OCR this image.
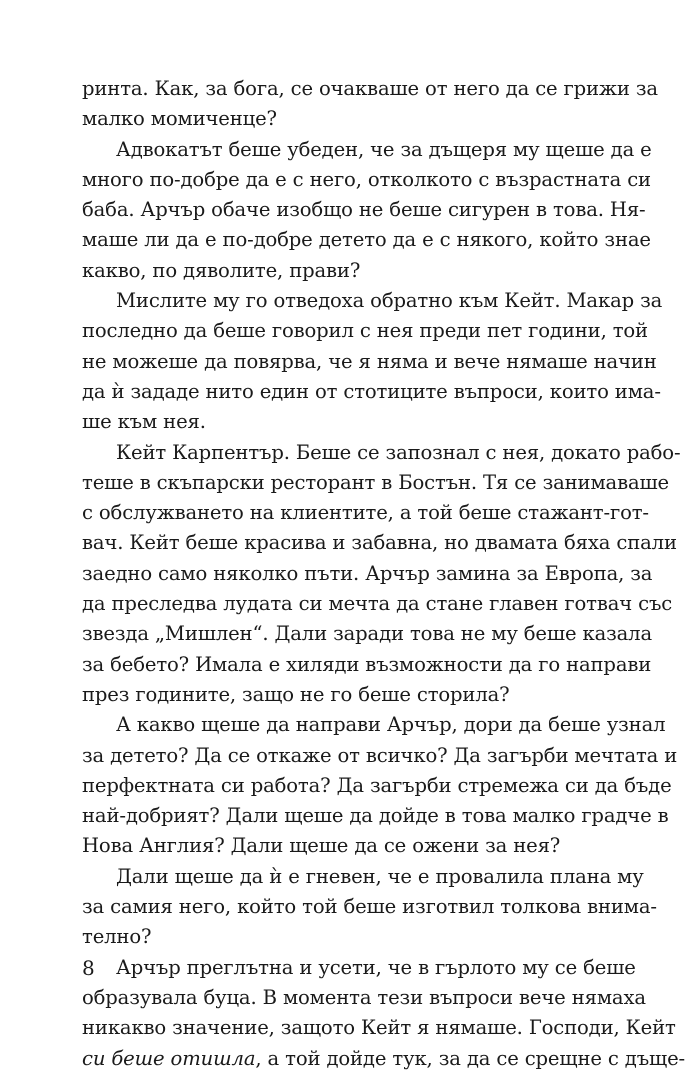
ринта. Как, за бога, се очакваше от него да се грижи за
малко момиченце?
Адвокатът беше убеден, че за дъщеря му щеше да е
много по-добре да е с него, отколкото с възрастната си
баба. Арчър обаче изобщо не беше сигурен в това. Ня-
маше ли да е по-добре детето да е с някого, който знае
какво, по дяволите, прави?
Мислите му го отведоха обратно към Кейт. Макар за
последно да беше говорил с нея преди пет години, той
не можеше да повярва, че я няма и вече нямаше начин
да ѝ зададе нито един от стотиците въпроси, които има-
ше към нея.
Кейт Карпентър. Беше се запознал с нея, докато рабо-
теше в скъпарски ресторант в Бостън. Тя се занимаваше
с обслужването на клиентите, а той беше стажант-гот-
вач. Кейт беше красива и забавна, но двамата бяха спали
заедно само няколко пъти. Арчър замина за Европа, за
да преследва лудата си мечта да стане главен готвач със
звезда „Мишлен“. Дали заради това не му беше казала
за бебето? Имала е хиляди възможности да го направи
през годините, защо не го беше сторила?
А какво щеше да направи Арчър, дори да беше узнал
за детето? Да се откаже от всичко? Да загърби мечтата и
перфектната си работа? Да загърби стремежа си да бъде
най-добрият? Дали щеше да дойде в това малко градче в
Нова Англия? Дали щеше да се ожени за нея?
Дали щеше да ѝ е гневен, че е провалила плана му
за самия него, който той беше изготвил толкова внима-
телно?
Арчър преглътна и усети, че в гърлото му се беше
образувала буца. В момента тези въпроси вече нямаха
никакво значение, защото Кейт я нямаше. Господи, Кейт
си беше отишла, а той дойде тук, за да се срещне с дъще-
8
